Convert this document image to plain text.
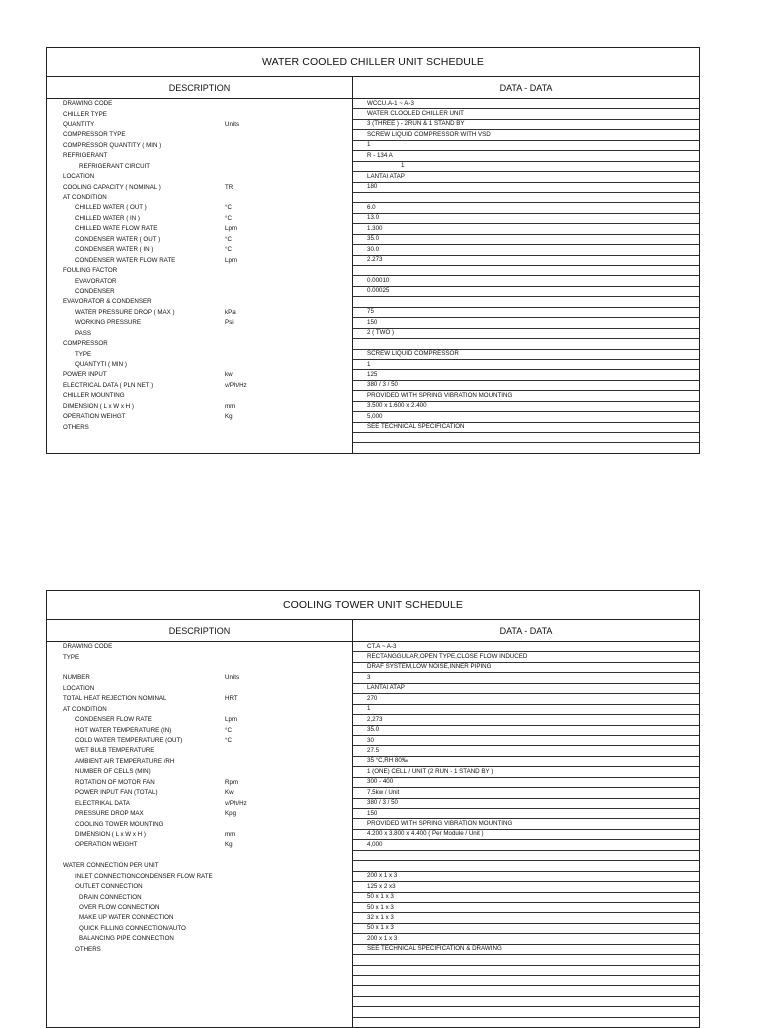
WATER COOLED CHILLER UNIT SCHEDULE
DESCRIPTION	DATA - DATA
DRAWING CODE	WCCU.A-1 ~ A-3
CHILLER TYPE	WATER CLOOLED CHILLER UNIT
QUANTITY	Units	3 (THREE ) - 2RUN & 1 STAND BY
COMPRESSOR TYPE	SCREW LIQUID COMPRESSOR WITH VSD
COMPRESSOR QUANTITY ( MIN )	1
REFRIGERANT	R - 134 A
REFRIGERANT CIRCUIT	1
LOCATION	LANTAI ATAP
COOLING CAPACITY ( NOMINAL )	TR	180
AT CONDITION
CHILLED WATER ( OUT )	°C	6.0
CHILLED WATER ( IN )	°C	13.0
CHILLED WATE FLOW RATE	Lpm	1.300
CONDENSER WATER ( OUT )	°C	35.0
CONDENSER WATER ( IN )	°C	30.0
CONDENSER WATER FLOW RATE	Lpm	2.273
FOULING FACTOR
EVAVORATOR	0.00010
CONDENSER	0.00025
EVAVORATOR & CONDENSER
WATER PRESSURE DROP ( MAX )	kPa	75
WORKING PRESSURE	Psi	150
PASS	2 ( TWO )
COMPRESSOR
TYPE	SCREW LIQUID COMPRESSOR
QUANTYTI ( MIN )	1
POWER INPUT	kw	125
ELECTRICAL DATA ( PLN NET )	v/Ph/Hz	380 / 3 / 50
CHILLER MOUNTING	PROVIDED WITH SPRING VIBRATION MOUNTING
DIMENSION ( L x W x H )	mm	3.500 x 1.600 x 2.400
OPERATION WEIHGT	Kg	5,000
OTHERS	SEE TECHNICAL SPECIFICATION
COOLING TOWER UNIT SCHEDULE
DESCRIPTION	DATA - DATA
DRAWING CODE	CT.A ~ A-3
TYPE	RECTANGGULAR,OPEN TYPE,CLOSE FLOW INDUCED
DRAF SYSTEM,LOW NOISE,INNER PIPING
NUMBER	Units	3
LOCATION	LANTAI ATAP
TOTAL HEAT REJECTION NOMINAL	HRT	270
AT CONDITION	1
CONDENSER FLOW RATE	Lpm	2,273
HOT WATER TEMPERATURE (IN)	°C	35.0
COLD WATER TEMPERATURE (OUT)	°C	30
WET BULB TEMPERATURE	27.5
AMBIENT AIR TEMPERATURE /RH	35 °C,RH 80‰
NUMBER OF CELLS (MIN)	1 (ONE) CELL / UNIT (2 RUN - 1 STAND BY )
ROTATION OF MOTOR FAN	Rpm	300 - 400
POWER INPUT FAN (TOTAL)	Kw	7.5kw / Unit
ELECTRIKAL DATA	v/Ph/Hz	380 / 3 / 50
PRESSURE DROP MAX	Kpg	150
COOLING TOWER MOUNTING	PROVIDED WITH SPRING VIBRATION MOUNTING
DIMENSION ( L x W x H )	mm	4.200 x 3.800 x 4.400 ( Per Module / Unit )
OPERATION WEIGHT	Kg	4,000
WATER CONNECTION PER UNIT
INLET CONNECTIONCONDENSER FLOW RATE	200 x 1 x 3
OUTLET CONNECTION	125 x 2 x3
DRAIN CONNECTION	50 x 1 x 3
OVER FLOW CONNECTION	50 x 1 x 3
MAKE UP WATER CONNECTION	32 x 1 x 3
QUICK FILLING CONNECTION/AUTO	50 x 1 x 3
BALANCING PIPE CONNECTION	200 x 1 x 3
OTHERS	SEE TECHNICAL SPECIFICATION & DRAWING
